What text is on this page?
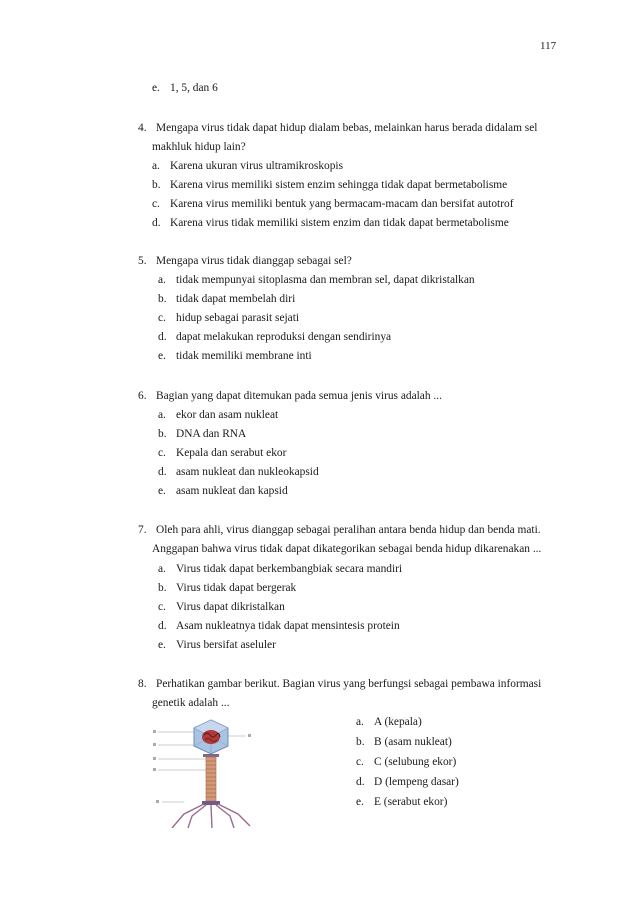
117
e. 1, 5, dan 6
4. Mengapa virus tidak dapat hidup dialam bebas, melainkan harus berada didalam sel
makhluk hidup lain?
a. Karena ukuran virus ultramikroskopis
b. Karena virus memiliki sistem enzim sehingga tidak dapat bermetabolisme
c. Karena virus memiliki bentuk yang bermacam-macam dan bersifat autotrof
d. Karena virus tidak memiliki sistem enzim dan tidak dapat bermetabolisme
5. Mengapa virus tidak dianggap sebagai sel?
a. tidak mempunyai sitoplasma dan membran sel, dapat dikristalkan
b. tidak dapat membelah diri
c. hidup sebagai parasit sejati
d. dapat melakukan reproduksi dengan sendirinya
e. tidak memiliki membrane inti
6. Bagian yang dapat ditemukan pada semua jenis virus adalah ...
a. ekor dan asam nukleat
b. DNA dan RNA
c. Kepala dan serabut ekor
d. asam nukleat dan nukleokapsid
e. asam nukleat dan kapsid
7. Oleh para ahli, virus dianggap sebagai peralihan antara benda hidup dan benda mati.
Anggapan bahwa virus tidak dapat dikategorikan sebagai benda hidup dikarenakan ...
a. Virus tidak dapat berkembangbiak secara mandiri
b. Virus tidak dapat bergerak
c. Virus dapat dikristalkan
d. Asam nukleatnya tidak dapat mensintesis protein
e. Virus bersifat aseluler
8. Perhatikan gambar berikut. Bagian virus yang berfungsi sebagai pembawa informasi
genetik adalah ...
a. A (kepala)
b. B (asam nukleat)
c. C (selubung ekor)
d. D (lempeng dasar)
e. E (serabut ekor)
